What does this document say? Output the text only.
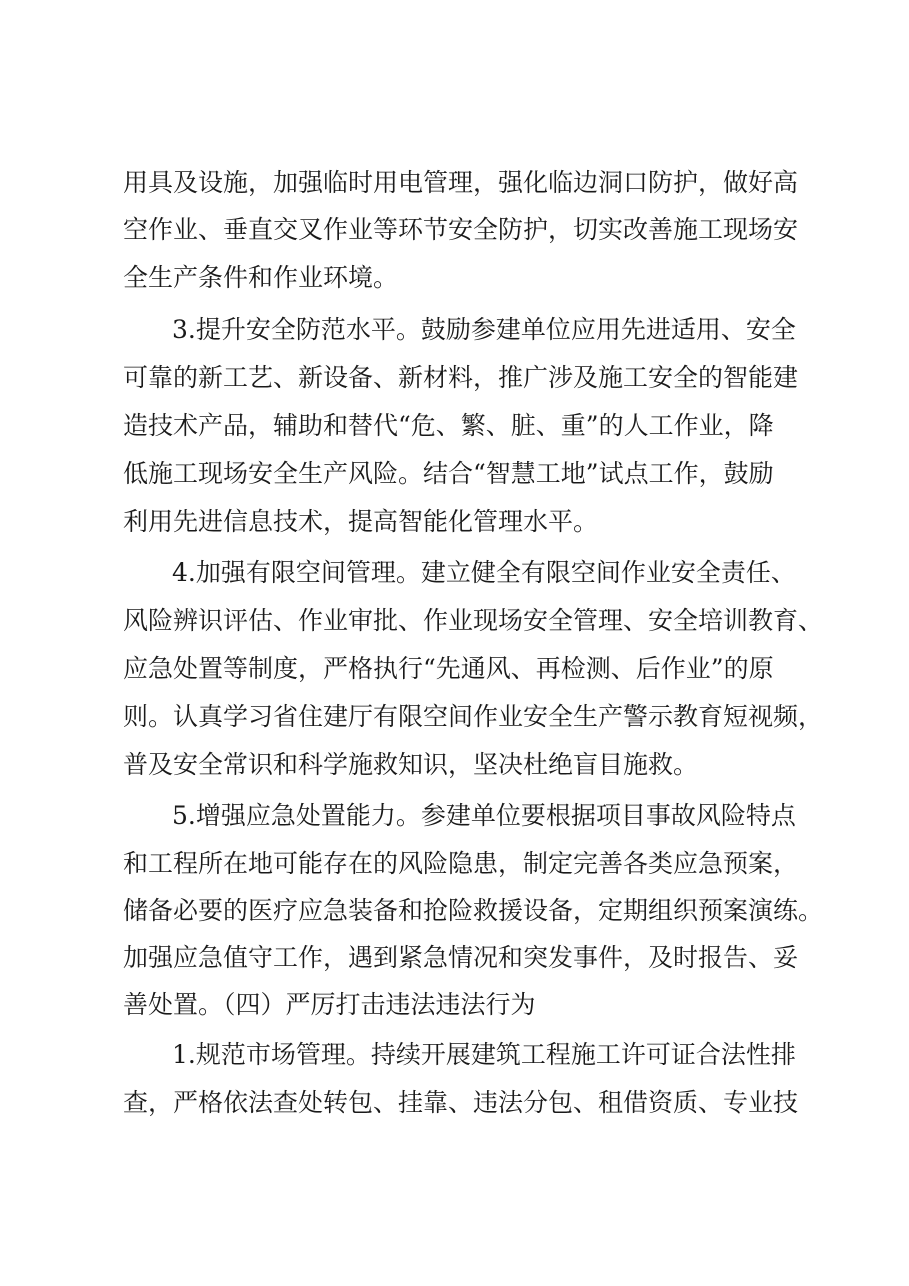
用具及设施，加强临时用电管理，强化临边洞口防护，做好高
空作业、垂直交叉作业等环节安全防护，切实改善施工现场安
全生产条件和作业环境。
3.提升安全防范水平。鼓励参建单位应用先进适用、安全
可靠的新工艺、新设备、新材料，推广涉及施工安全的智能建
造技术产品，辅助和替代“危、繁、脏、重”的人工作业，降
低施工现场安全生产风险。结合“智慧工地”试点工作，鼓励
利用先进信息技术，提高智能化管理水平。
4.加强有限空间管理。建立健全有限空间作业安全责任、
风险辨识评估、作业审批、作业现场安全管理、安全培训教育、
应急处置等制度，严格执行“先通风、再检测、后作业”的原
则。认真学习省住建厅有限空间作业安全生产警示教育短视频，
普及安全常识和科学施救知识，坚决杜绝盲目施救。
5.增强应急处置能力。参建单位要根据项目事故风险特点
和工程所在地可能存在的风险隐患，制定完善各类应急预案，
储备必要的医疗应急装备和抢险救援设备，定期组织预案演练。
加强应急值守工作，遇到紧急情况和突发事件，及时报告、妥
善处置。（四）严厉打击违法违法行为
1.规范市场管理。持续开展建筑工程施工许可证合法性排
查，严格依法查处转包、挂靠、违法分包、租借资质、专业技
